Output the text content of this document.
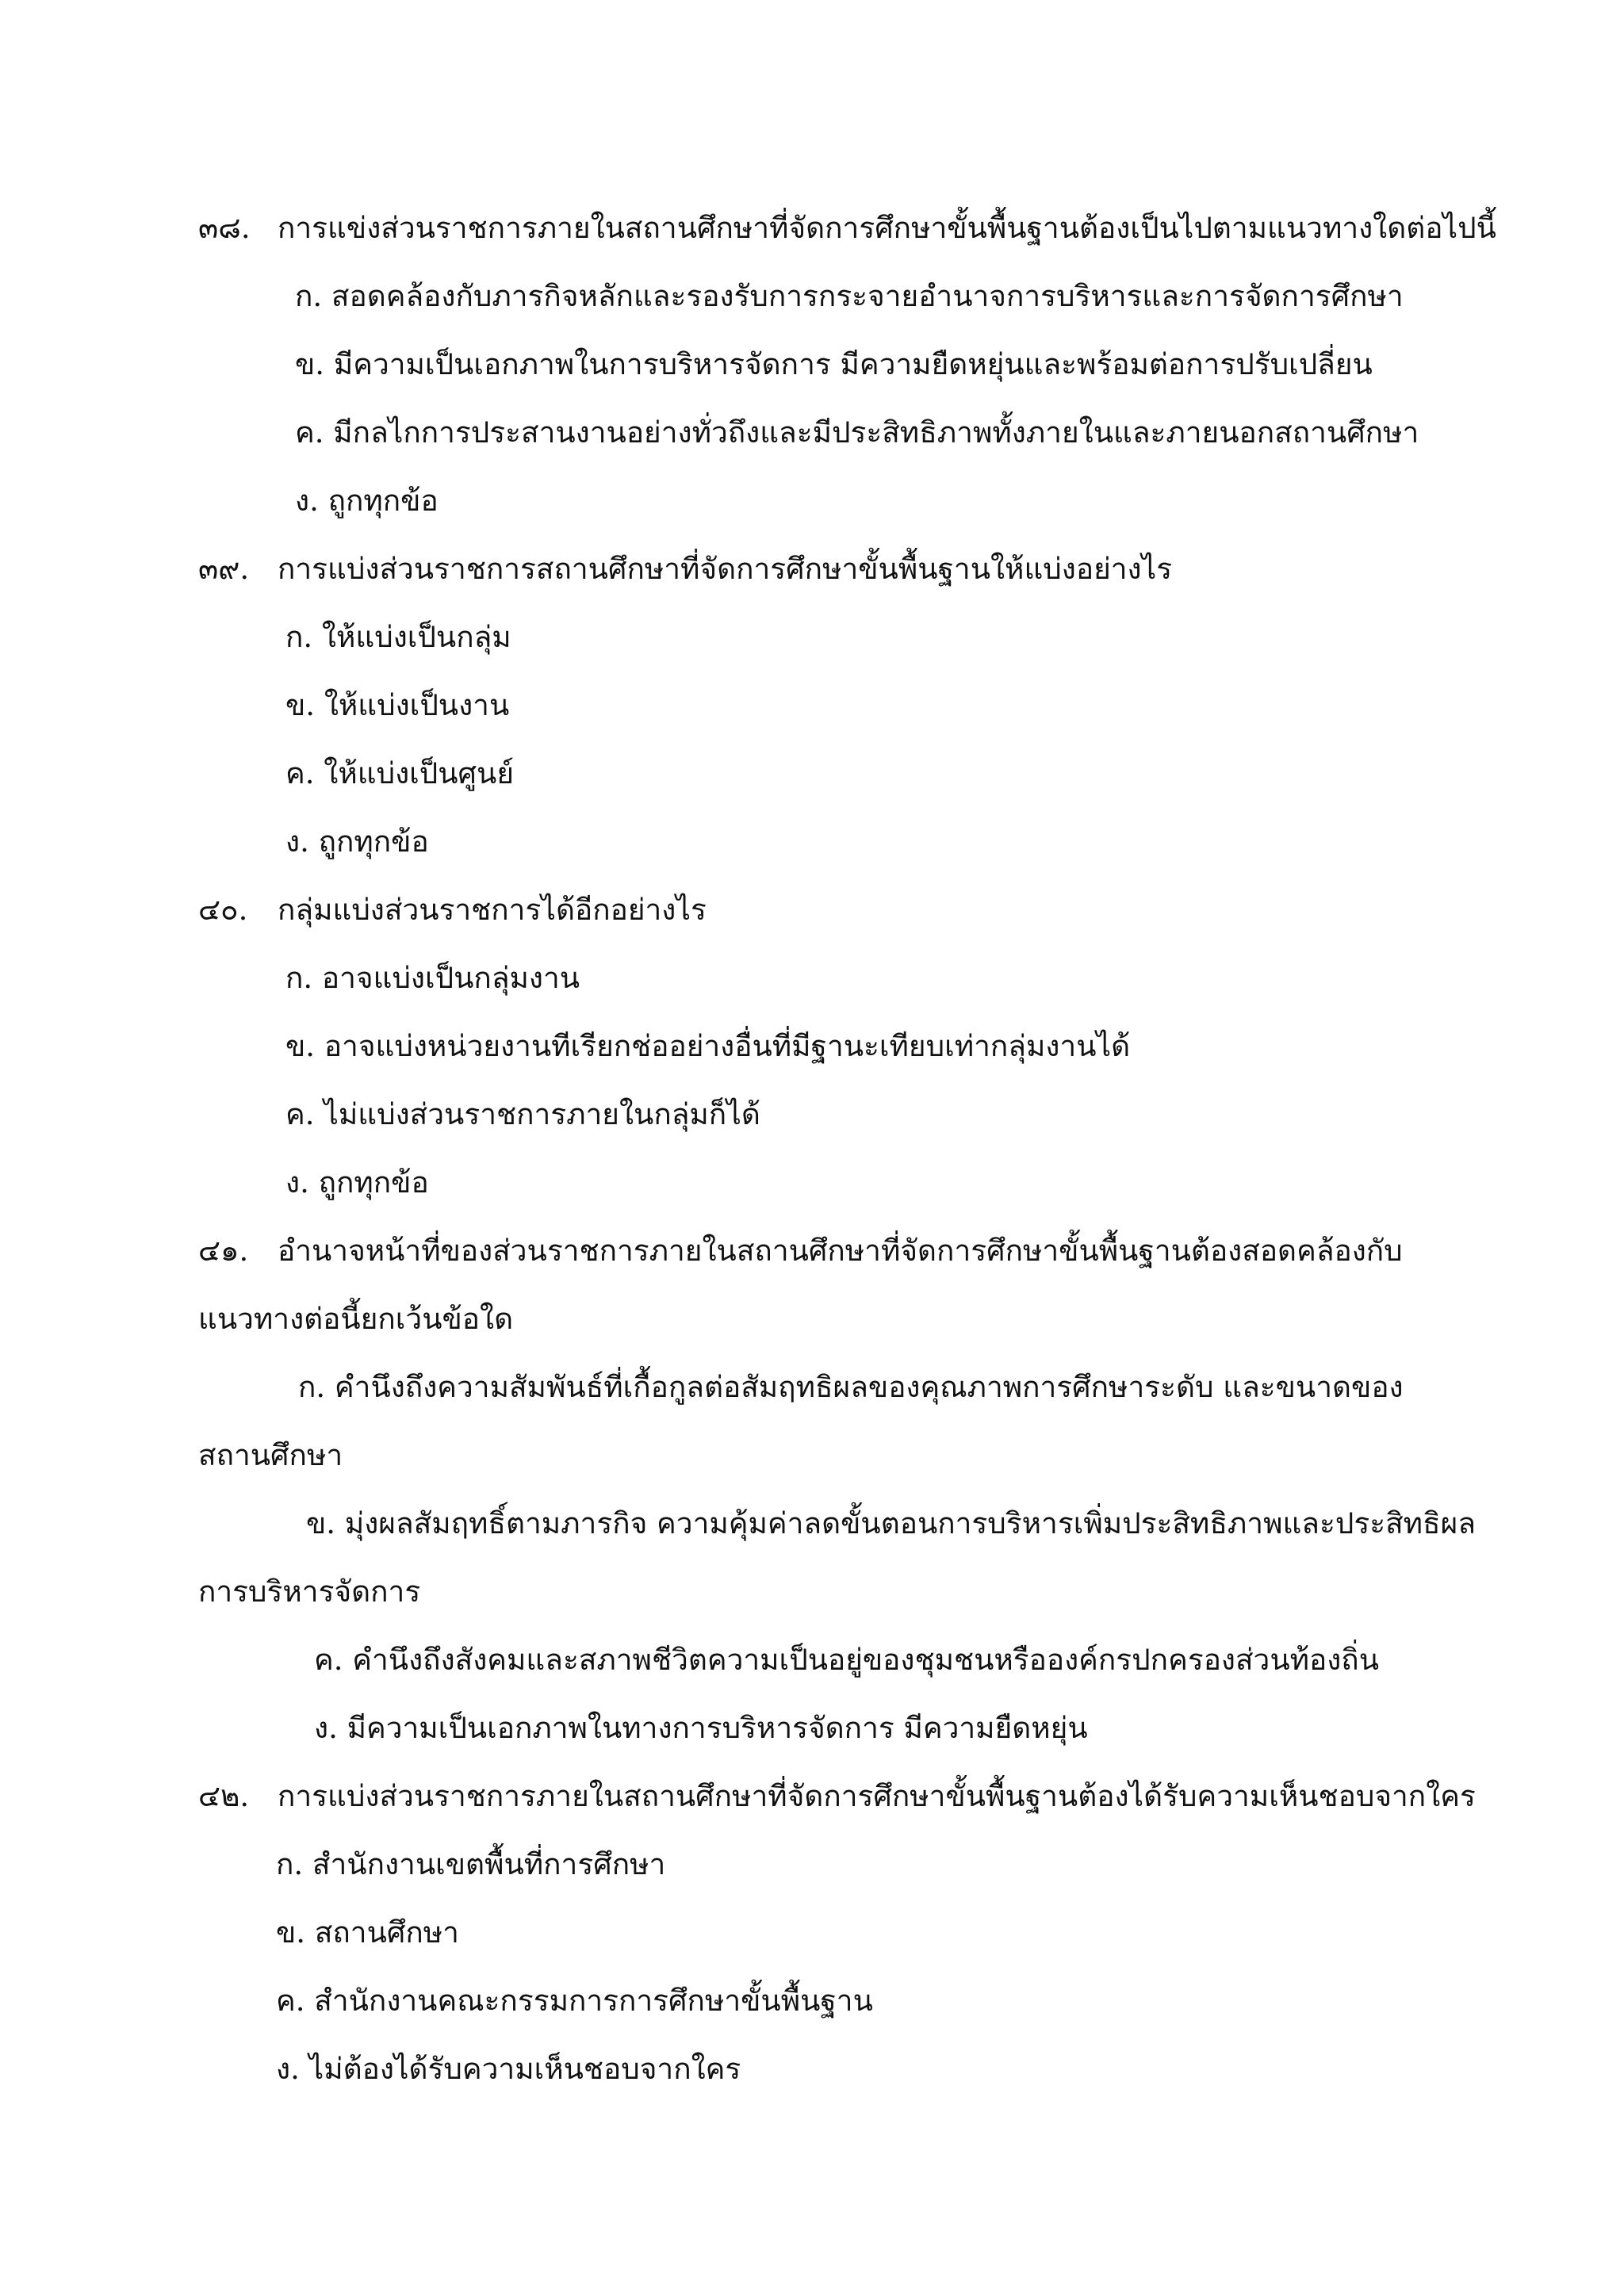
๓๘. การแข่งส่วนราชการภายในสถานศึกษาที่จัดการศึกษาขั้นพื้นฐานต้องเป็นไปตามแนวทางใดต่อไปนี้
ก. สอดคล้องกับภารกิจหลักและรองรับการกระจายอำนาจการบริหารและการจัดการศึกษา
ข. มีความเป็นเอกภาพในการบริหารจัดการ มีความยืดหยุ่นและพร้อมต่อการปรับเปลี่ยน
ค. มีกลไกการประสานงานอย่างทั่วถึงและมีประสิทธิภาพทั้งภายในและภายนอกสถานศึกษา
ง. ถูกทุกข้อ
๓๙. การแบ่งส่วนราชการสถานศึกษาที่จัดการศึกษาขั้นพื้นฐานให้แบ่งอย่างไร
ก. ให้แบ่งเป็นกลุ่ม
ข. ให้แบ่งเป็นงาน
ค. ให้แบ่งเป็นศูนย์
ง. ถูกทุกข้อ
๔๐. กลุ่มแบ่งส่วนราชการได้อีกอย่างไร
ก. อาจแบ่งเป็นกลุ่มงาน
ข. อาจแบ่งหน่วยงานทีเรียกช่ออย่างอื่นที่มีฐานะเทียบเท่ากลุ่มงานได้
ค. ไม่แบ่งส่วนราชการภายในกลุ่มก็ได้
ง. ถูกทุกข้อ
๔๑. อำนาจหน้าที่ของส่วนราชการภายในสถานศึกษาที่จัดการศึกษาขั้นพื้นฐานต้องสอดคล้องกับ
แนวทางต่อนี้ยกเว้นข้อใด
ก. คำนึงถึงความสัมพันธ์ที่เกื้อกูลต่อสัมฤทธิผลของคุณภาพการศึกษาระดับ และขนาดของ
สถานศึกษา
ข. มุ่งผลสัมฤทธิ์ตามภารกิจ ความคุ้มค่าลดขั้นตอนการบริหารเพิ่มประสิทธิภาพและประสิทธิผล
การบริหารจัดการ
ค. คำนึงถึงสังคมและสภาพชีวิตความเป็นอยู่ของชุมชนหรือองค์กรปกครองส่วนท้องถิ่น
ง. มีความเป็นเอกภาพในทางการบริหารจัดการ มีความยืดหยุ่น
๔๒. การแบ่งส่วนราชการภายในสถานศึกษาที่จัดการศึกษาขั้นพื้นฐานต้องได้รับความเห็นชอบจากใคร
ก. สำนักงานเขตพื้นที่การศึกษา
ข. สถานศึกษา
ค. สำนักงานคณะกรรมการการศึกษาขั้นพื้นฐาน
ง. ไม่ต้องได้รับความเห็นชอบจากใคร
